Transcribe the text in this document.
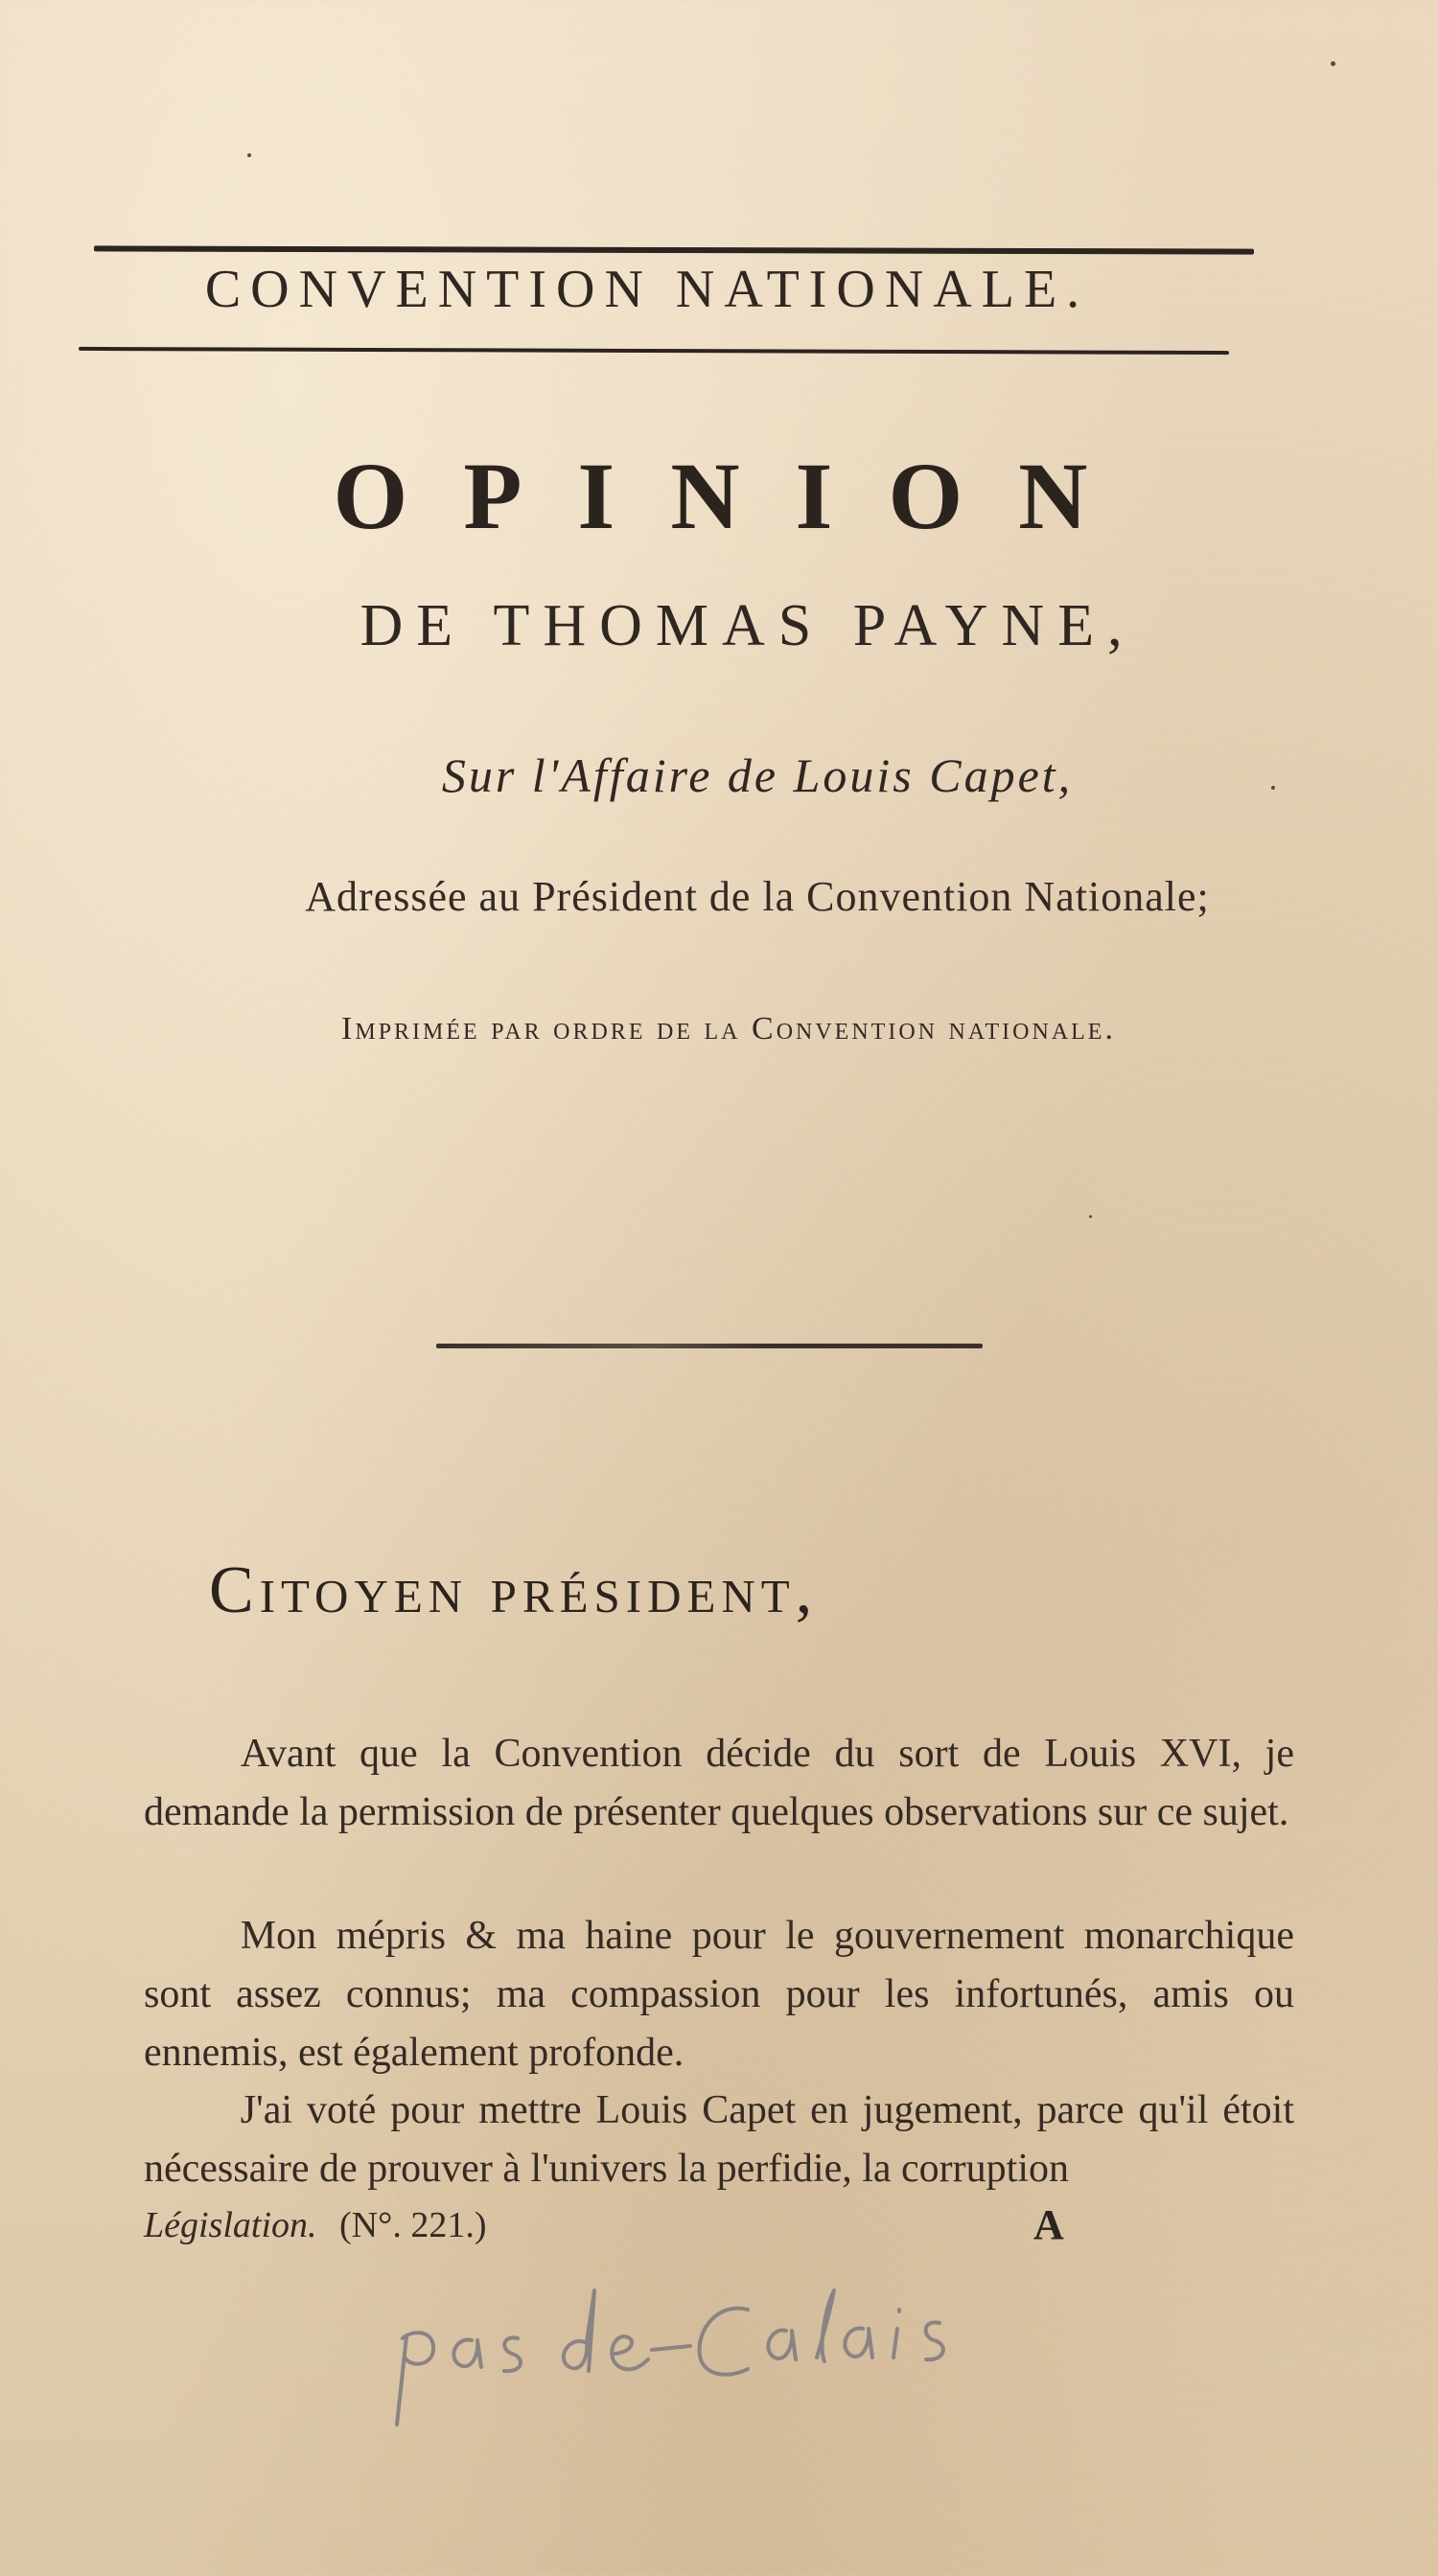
CONVENTION NATIONALE.
OPINION
DE THOMAS PAYNE,
Sur l'Affaire de Louis Capet,
Adressée au Président de la Convention Nationale;
Imprimée par ordre de la Convention nationale.
Citoyen président,

Avant que la Convention décide du sort de Louis XVI, je demande la permission de présenter quelques observations sur ce sujet.

Mon mépris & ma haine pour le gouvernement monarchique sont assez connus; ma compassion pour les infortunés, amis ou ennemis, est également profonde.

J'ai voté pour mettre Louis Capet en jugement, parce qu'il étoit nécessaire de prouver à l'univers la perfidie, la corruption

Législation. (N°. 221.)	A
